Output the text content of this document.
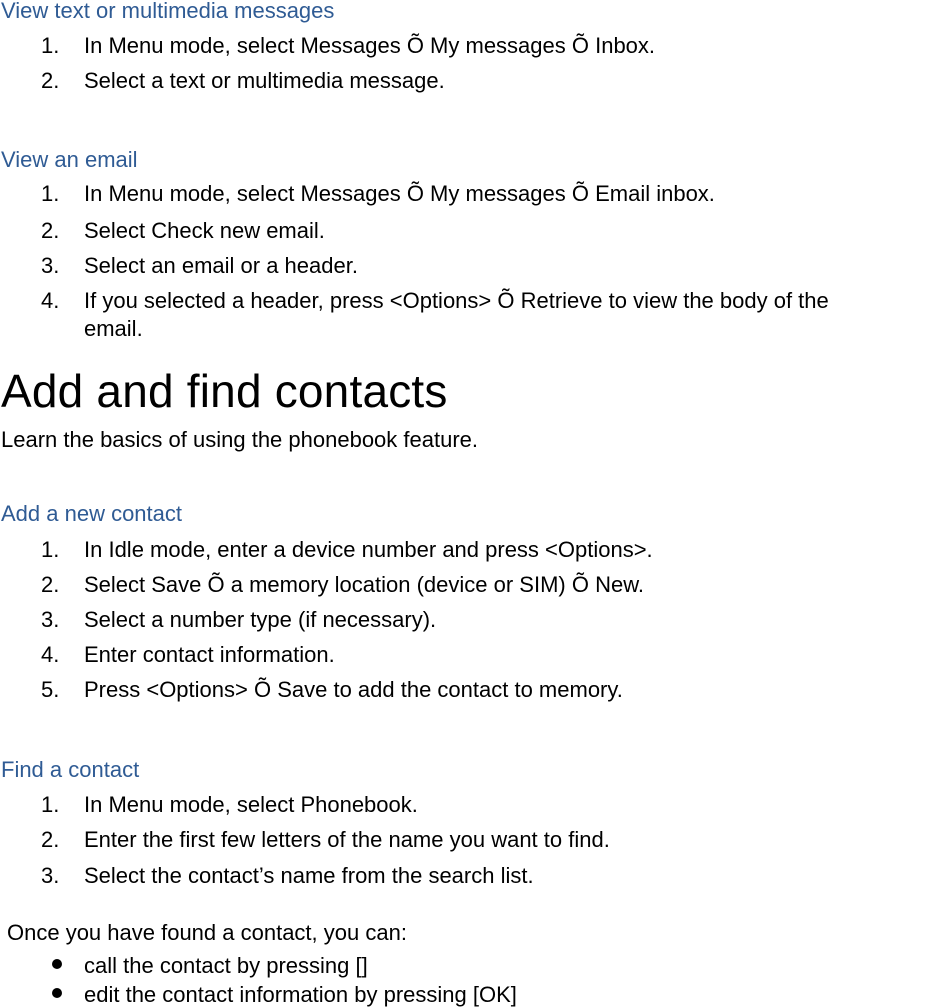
View text or multimedia messages
1. In Menu mode, select Messages Õ My messages Õ Inbox.
2. Select a text or multimedia message.
View an email
1. In Menu mode, select Messages Õ My messages Õ Email inbox.
2. Select Check new email.
3. Select an email or a header.
4. If you selected a header, press <Options> Õ Retrieve to view the body of the
email.
Add and find contacts
Learn the basics of using the phonebook feature.
Add a new contact
1. In Idle mode, enter a device number and press <Options>.
2. Select Save Õ a memory location (device or SIM) Õ New.
3. Select a number type (if necessary).
4. Enter contact information.
5. Press <Options> Õ Save to add the contact to memory.
Find a contact
1. In Menu mode, select Phonebook.
2. Enter the first few letters of the name you want to find.
3. Select the contact’s name from the search list.
Once you have found a contact, you can:
call the contact by pressing []
edit the contact information by pressing [OK]
